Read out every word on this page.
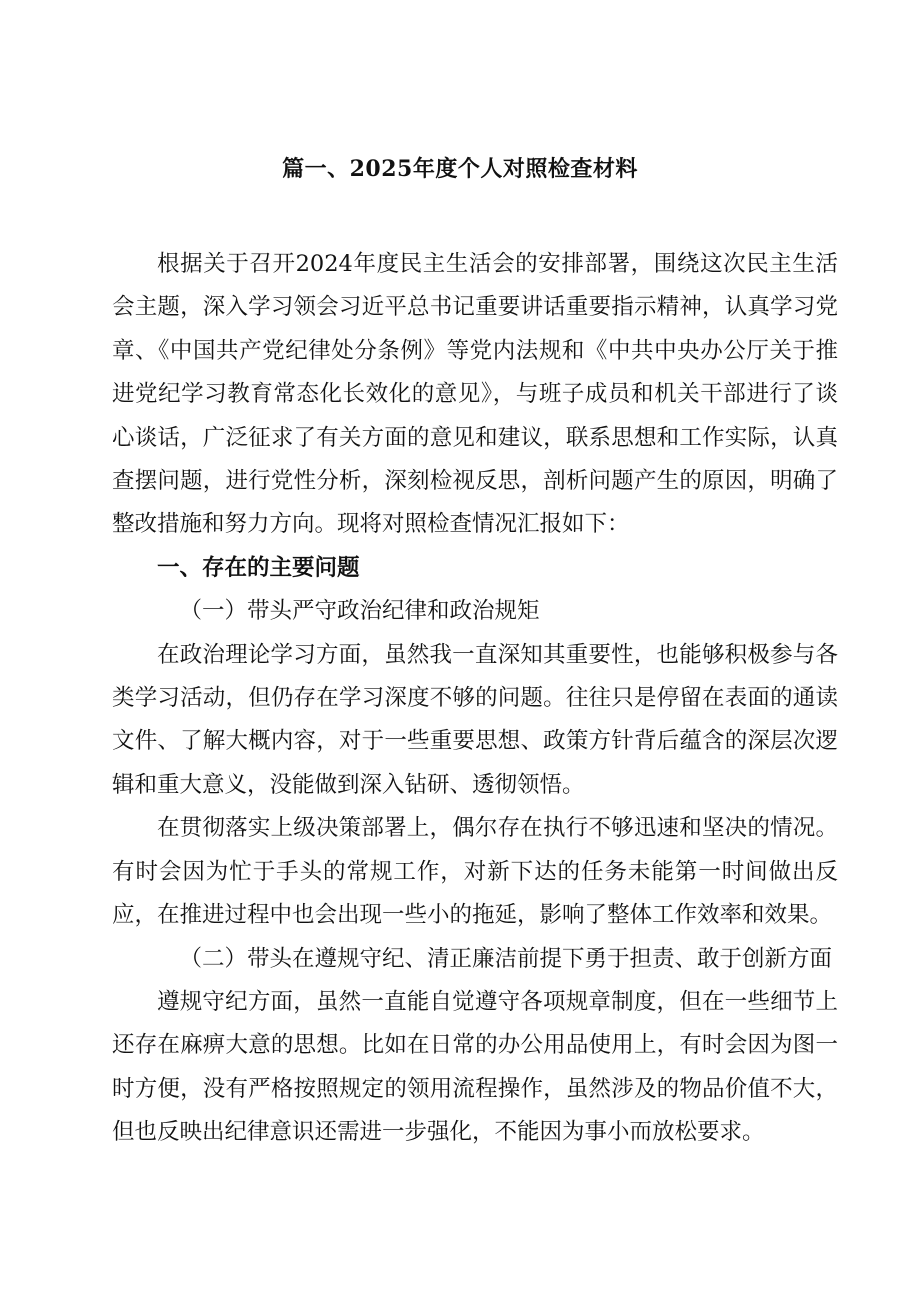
篇一、2025年度个人对照检查材料

根据关于召开2024年度民主生活会的安排部署，围绕这次民主生活会主题，深入学习领会习近平总书记重要讲话重要指示精神，认真学习党章、《中国共产党纪律处分条例》等党内法规和《中共中央办公厅关于推进党纪学习教育常态化长效化的意见》，与班子成员和机关干部进行了谈心谈话，广泛征求了有关方面的意见和建议，联系思想和工作实际，认真查摆问题，进行党性分析，深刻检视反思，剖析问题产生的原因，明确了整改措施和努力方向。现将对照检查情况汇报如下：

一、存在的主要问题

（一）带头严守政治纪律和政治规矩

在政治理论学习方面，虽然我一直深知其重要性，也能够积极参与各类学习活动，但仍存在学习深度不够的问题。往往只是停留在表面的通读文件、了解大概内容，对于一些重要思想、政策方针背后蕴含的深层次逻辑和重大意义，没能做到深入钻研、透彻领悟。

在贯彻落实上级决策部署上，偶尔存在执行不够迅速和坚决的情况。有时会因为忙于手头的常规工作，对新下达的任务未能第一时间做出反应，在推进过程中也会出现一些小的拖延，影响了整体工作效率和效果。

（二）带头在遵规守纪、清正廉洁前提下勇于担责、敢于创新方面

遵规守纪方面，虽然一直能自觉遵守各项规章制度，但在一些细节上还存在麻痹大意的思想。比如在日常的办公用品使用上，有时会因为图一时方便，没有严格按照规定的领用流程操作，虽然涉及的物品价值不大，但也反映出纪律意识还需进一步强化，不能因为事小而放松要求。
